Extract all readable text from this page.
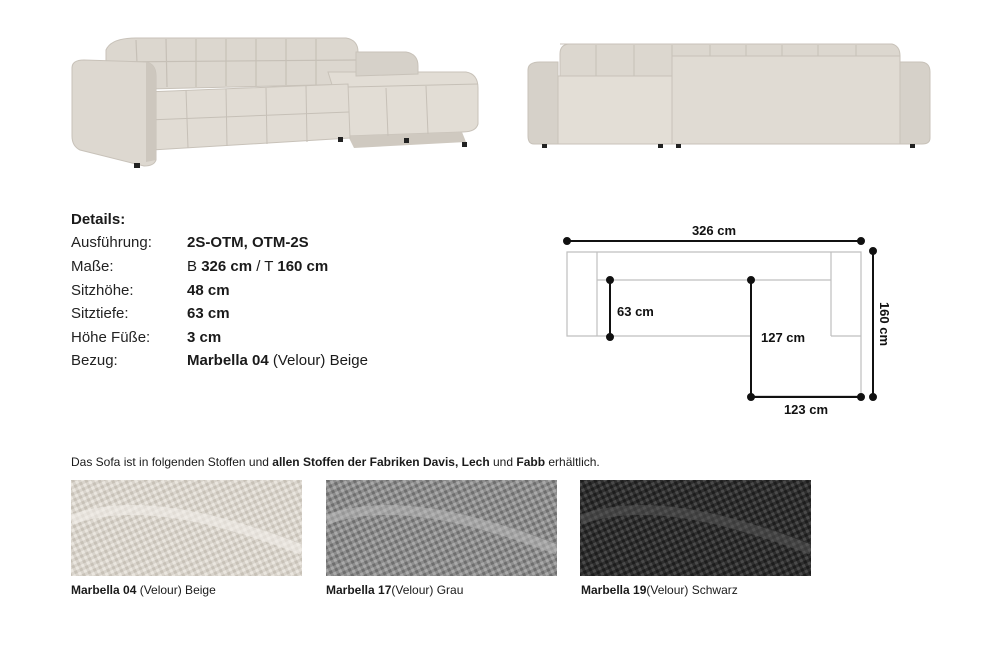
Details:
Ausführung:	2S-OTM, OTM-2S
Maße:	B 326 cm / T 160 cm
Sitzhöhe:	48 cm
Sitztiefe:	63 cm
Höhe Füße:	3 cm
Bezug:	Marbella 04 (Velour) Beige
326 cm
63 cm
127 cm
123 cm
160 cm
Das Sofa ist in folgenden Stoffen und allen Stoffen der Fabriken Davis, Lech und Fabb erhältlich.
Marbella 04 (Velour) Beige	Marbella 17(Velour) Grau	Marbella 19(Velour) Schwarz
